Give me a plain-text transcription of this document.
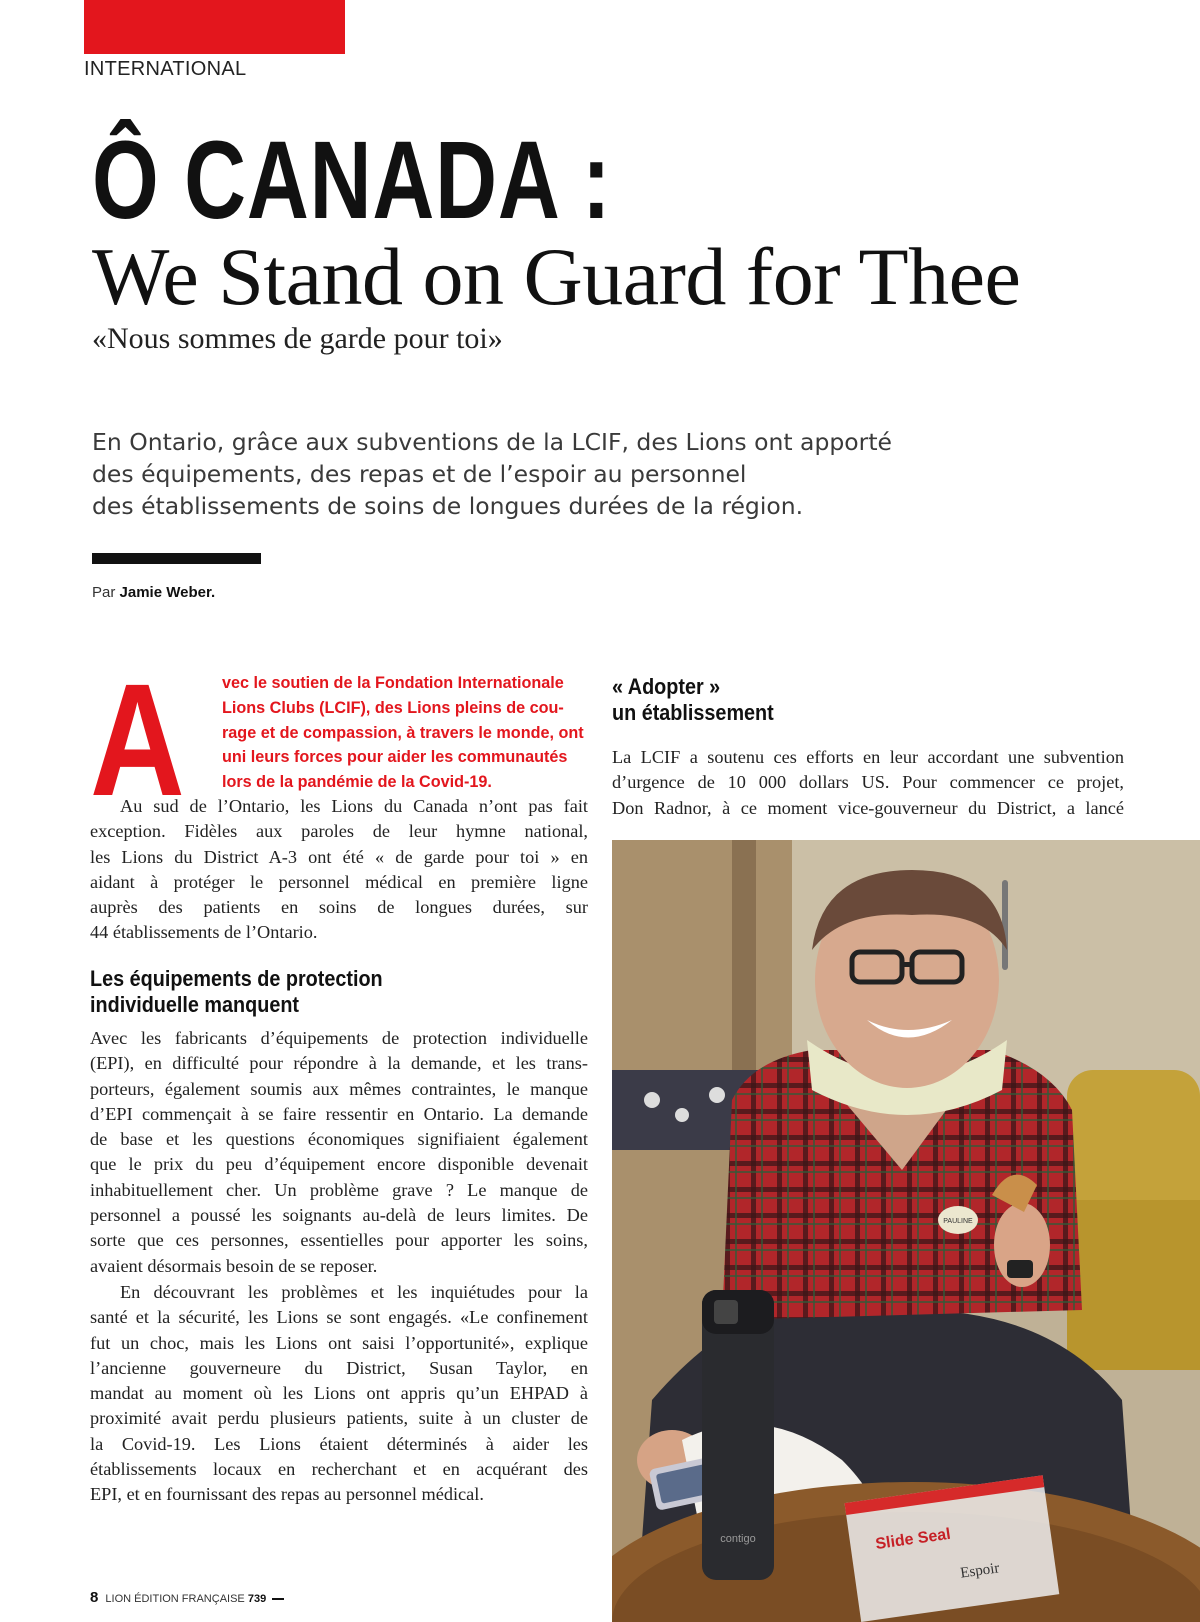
INTERNATIONAL
Ô CANADA :
We Stand on Guard for Thee
«Nous sommes de garde pour toi»
En Ontario, grâce aux subventions de la LCIF, des Lions ont apporté
des équipements, des repas et de l’espoir au personnel
des établissements de soins de longues durées de la région.
Par Jamie Weber.
A vec le soutien de la Fondation Internationale
Lions Clubs (LCIF), des Lions pleins de cou-
rage et de compassion, à travers le monde, ont
uni leurs forces pour aider les communautés
lors de la pandémie de la Covid-19.
Au sud de l’Ontario, les Lions du Canada n’ont pas fait
exception. Fidèles aux paroles de leur hymne national,
les Lions du District A-3 ont été « de garde pour toi » en
aidant à protéger le personnel médical en première ligne
auprès des patients en soins de longues durées, sur
44 établissements de l’Ontario.
Les équipements de protection
individuelle manquent
Avec les fabricants d’équipements de protection individuelle
(EPI), en difficulté pour répondre à la demande, et les trans-
porteurs, également soumis aux mêmes contraintes, le manque
d’EPI commençait à se faire ressentir en Ontario. La demande
de base et les questions économiques signifiaient également
que le prix du peu d’équipement encore disponible devenait
inhabituellement cher. Un problème grave ? Le manque de
personnel a poussé les soignants au-delà de leurs limites. De
sorte que ces personnes, essentielles pour apporter les soins,
avaient désormais besoin de se reposer.
En découvrant les problèmes et les inquiétudes pour la
santé et la sécurité, les Lions se sont engagés. «Le confinement
fut un choc, mais les Lions ont saisi l’opportunité», explique
l’ancienne gouverneure du District, Susan Taylor, en
mandat au moment où les Lions ont appris qu’un EHPAD à
proximité avait perdu plusieurs patients, suite à un cluster de
la Covid-19. Les Lions étaient déterminés à aider les
établissements locaux en recherchant et en acquérant des
EPI, et en fournissant des repas au personnel médical.
« Adopter »
un établissement
La LCIF a soutenu ces efforts en leur accordant une subvention
d’urgence de 10 000 dollars US. Pour commencer ce projet,
Don Radnor, à ce moment vice-gouverneur du District, a lancé
PAULINE
contigo	Slide Seal
Espoir
8 LION ÉDITION FRANÇAISE 739
